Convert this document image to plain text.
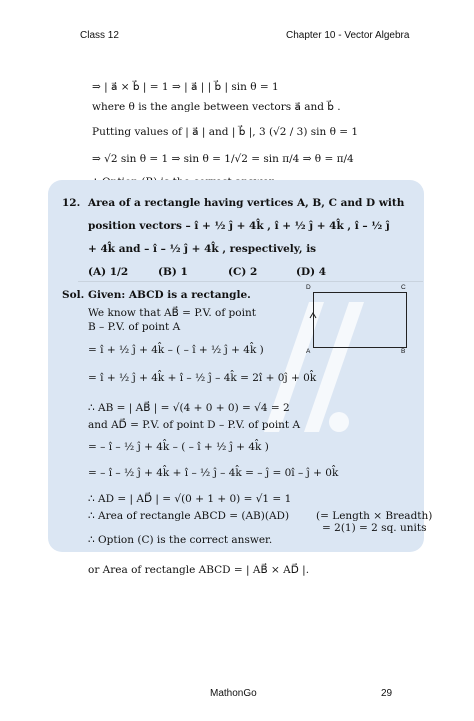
Class 12	Chapter 10 - Vector Algebra
⇒ | a⃗ × b⃗ | = 1 ⇒ | a⃗ | | b⃗ | sin θ = 1
where θ is the angle between vectors a⃗ and b⃗ .
Putting values of | a⃗ | and | b⃗ |, 3 (√2 / 3) sin θ = 1
⇒ √2 sin θ = 1 ⇒ sin θ = 1/√2 = sin π/4 ⇒ θ = π/4
12. Area of a rectangle having vertices A, B, C and D with
position vectors – î + ½ ĵ + 4k̂ , î + ½ ĵ + 4k̂ , î – ½ ĵ
+ 4k̂ and – î – ½ ĵ + 4k̂ , respectively, is
(A) 1/2	(B) 1	(C) 2	(D) 4
Sol. Given: ABCD is a rectangle.
We know that AB⃗ = P.V. of point
B – P.V. of point A
= î + ½ ĵ + 4k̂ – ( – î + ½ ĵ + 4k̂ )
= î + ½ ĵ + 4k̂ + î – ½ ĵ – 4k̂ = 2î + 0ĵ + 0k̂
∴ AB = | AB⃗ | = √(4 + 0 + 0) = √4 = 2
and AD⃗ = P.V. of point D – P.V. of point A
= – î – ½ ĵ + 4k̂ – ( – î + ½ ĵ + 4k̂ )
= – î – ½ ĵ + 4k̂ + î – ½ ĵ – 4k̂ = – ĵ = 0î – ĵ + 0k̂
∴ AD = | AD⃗ | = √(0 + 1 + 0) = √1 = 1
∴ Area of rectangle ABCD = (AB)(AD)	(= Length × Breadth)
= 2(1) = 2 sq. units
∴ Option (C) is the correct answer.
or Area of rectangle ABCD = | AB⃗ × AD⃗ |.
D	C
A	B
MathonGo	29
